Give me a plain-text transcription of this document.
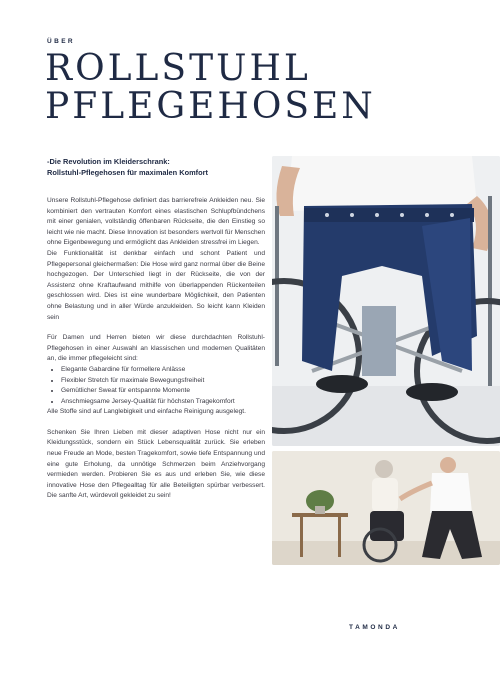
ÜBER
ROLLSTUHL
PFLEGEHOSEN
-Die Revolution im Kleiderschrank:
Rollstuhl-Pflegehosen für maximalen Komfort

Unsere Rollstuhl-Pflegehose definiert das barrierefreie Ankleiden neu. Sie kombiniert den vertrauten Komfort eines elastischen Schlupfbündchens mit einer genialen, vollständig öffenbaren Rückseite, die den Einstieg so leicht wie nie macht. Diese Innovation ist besonders wertvoll für Menschen ohne Eigenbewegung und ermöglicht das Ankleiden stressfrei im Liegen.

Die Funktionalität ist denkbar einfach und schont Patient und Pflegepersonal gleichermaßen: Die Hose wird ganz normal über die Beine hochgezogen. Der Unterschied liegt in der Rückseite, die von der Assistenz ohne Kraftaufwand mithilfe von überlappenden Rückenteilen geschlossen wird. Dies ist eine wunderbare Möglichkeit, den Patienten ohne Belastung und in aller Würde anzukleiden. So leicht kann Kleiden sein

Für Damen und Herren bieten wir diese durchdachten Rollstuhl-Pflegehosen in einer Auswahl an klassischen und modernen Qualitäten an, die immer pflegeleicht sind:

• Elegante Gabardine für formellere Anlässe
• Flexibler Stretch für maximale Bewegungsfreiheit
• Gemütlicher Sweat für entspannte Momente
• Anschmiegsame Jersey-Qualität für höchsten Tragekomfort

Alle Stoffe sind auf Langlebigkeit und einfache Reinigung ausgelegt.

Schenken Sie Ihren Lieben mit dieser adaptiven Hose nicht nur ein Kleidungsstück, sondern ein Stück Lebensqualität zurück. Sie erleben neue Freude an Mode, besten Tragekomfort, sowie tiefe Entspannung und eine gute Erholung, da unnötige Schmerzen beim Anziehvorgang vermieden werden. Probieren Sie es aus und erleben Sie, wie diese innovative Hose den Pflegealltag für alle Beteiligten spürbar verbessert. Die sanfte Art, würdevoll gekleidet zu sein!

TAMONDA
